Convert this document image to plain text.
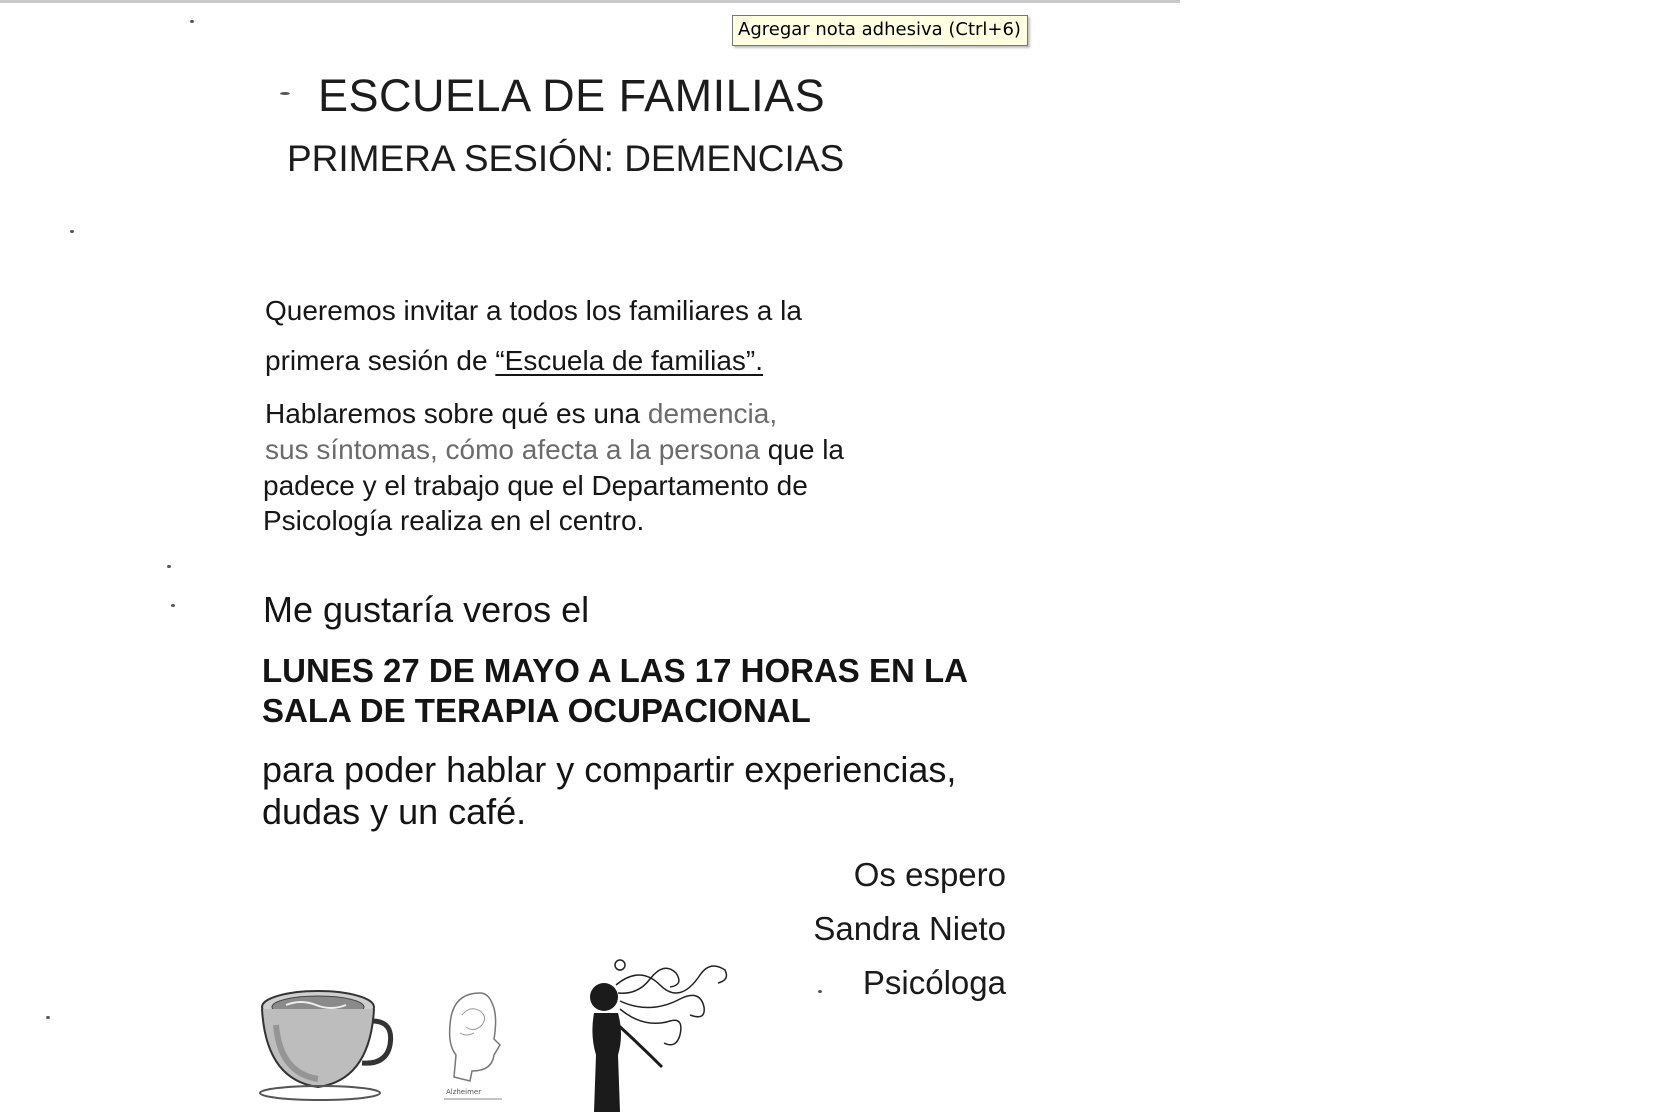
ESCUELA DE FAMILIAS
PRIMERA SESIÓN: DEMENCIAS
Queremos invitar a todos los familiares a la
primera sesión de “Escuela de familias”.
Hablaremos sobre qué es una demencia,
sus síntomas, cómo afecta a la persona que la
padece y el trabajo que el Departamento de
Psicología realiza en el centro.
Me gustaría veros el
LUNES 27 DE MAYO A LAS 17 HORAS EN LA
SALA DE TERAPIA OCUPACIONAL
para poder hablar y compartir experiencias,
dudas y un café.
Os espero
Sandra Nieto
Psicóloga
Alzheimer
Agregar nota adhesiva (Ctrl+6)
